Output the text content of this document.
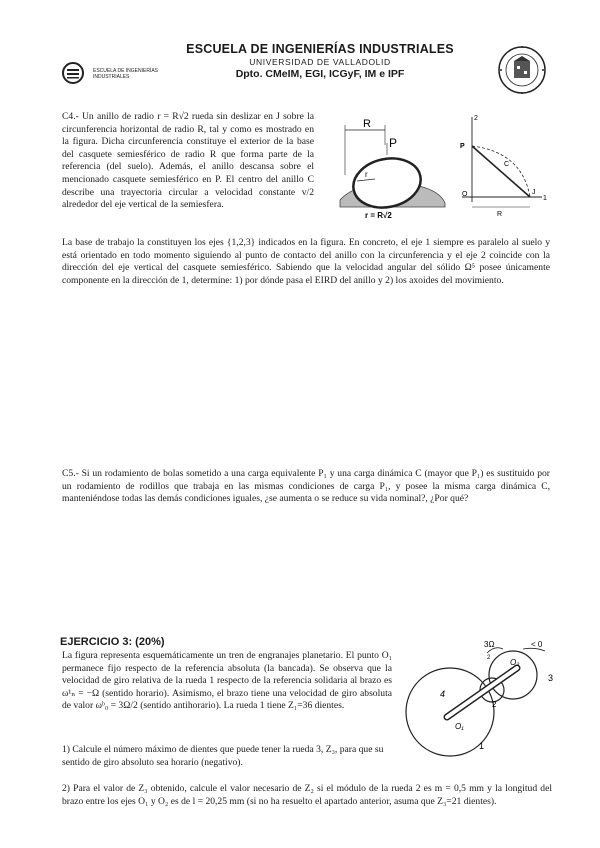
ESCUELA DE INGENIERÍAS
INDUSTRIALES
ESCUELA DE INGENIERÍAS INDUSTRIALES
UNIVERSIDAD DE VALLADOLID
Dpto. CMeIM, EGI, ICGyF, IM e IPF
C4.- Un anillo de radio r = R√2 rueda sin deslizar en J sobre la circunferencia horizontal de radio R, tal y como es mostrado en la figura. Dicha circunferencia constituye el exterior de la base del casquete semiesférico de radio R que forma parte de la referencia (del suelo). Además, el anillo descansa sobre el mencionado casquete semiesférico en P. El centro del anillo C describe una trayectoria circular a velocidad constante v/2 alrededor del eje vertical de la semiesfera.
R
P
r
r = R√2
2
P
C
O	J
1
R
La base de trabajo la constituyen los ejes {1,2,3} indicados en la figura. En concreto, el eje 1 siempre es paralelo al suelo y está orientado en todo momento siguiendo al punto de contacto del anillo con la circunferencia y el eje 2 coincide con la dirección del eje vertical del casquete semiesférico. Sabiendo que la velocidad angular del sólido Ω⁵ posee únicamente componente en la dirección de 1, determine: 1) por dónde pasa el EIRD del anillo y 2) los axoides del movimiento.
C5.- Si un rodamiento de bolas sometido a una carga equivalente P₁ y una carga dinámica C (mayor que P₁) es sustituido por un rodamiento de rodillos que trabaja en las mismas condiciones de carga P₁, y posee la misma carga dinámica C, manteniéndose todas las demás condiciones iguales, ¿se aumenta o se reduce su vida nominal?, ¿Por qué?
EJERCICIO 3: (20%)
La figura representa esquemáticamente un tren de engranajes planetario. El punto O₁ permanece fijo respecto de la referencia absoluta (la bancada). Se observa que la velocidad de giro relativa de la rueda 1 respecto de la referencia solidaria al brazo es ω¹ₙ = −Ω (sentido horario). Asimismo, el brazo tiene una velocidad de giro absoluta de valor ωᵇ₀ = 3Ω/2 (sentido antihorario). La rueda 1 tiene Z₁=36 dientes.
3Ω
2
< 0
O₂
3
4
2
O₁
1
1) Calcule el número máximo de dientes que puede tener la rueda 3, Z₃, para que su sentido de giro absoluto sea horario (negativo).
2) Para el valor de Z₃ obtenido, calcule el valor necesario de Z₂ si el módulo de la rueda 2 es m = 0,5 mm y la longitud del brazo entre los ejes O₁ y O₂ es de l = 20,25 mm (si no ha resuelto el apartado anterior, asuma que Z₃=21 dientes).
